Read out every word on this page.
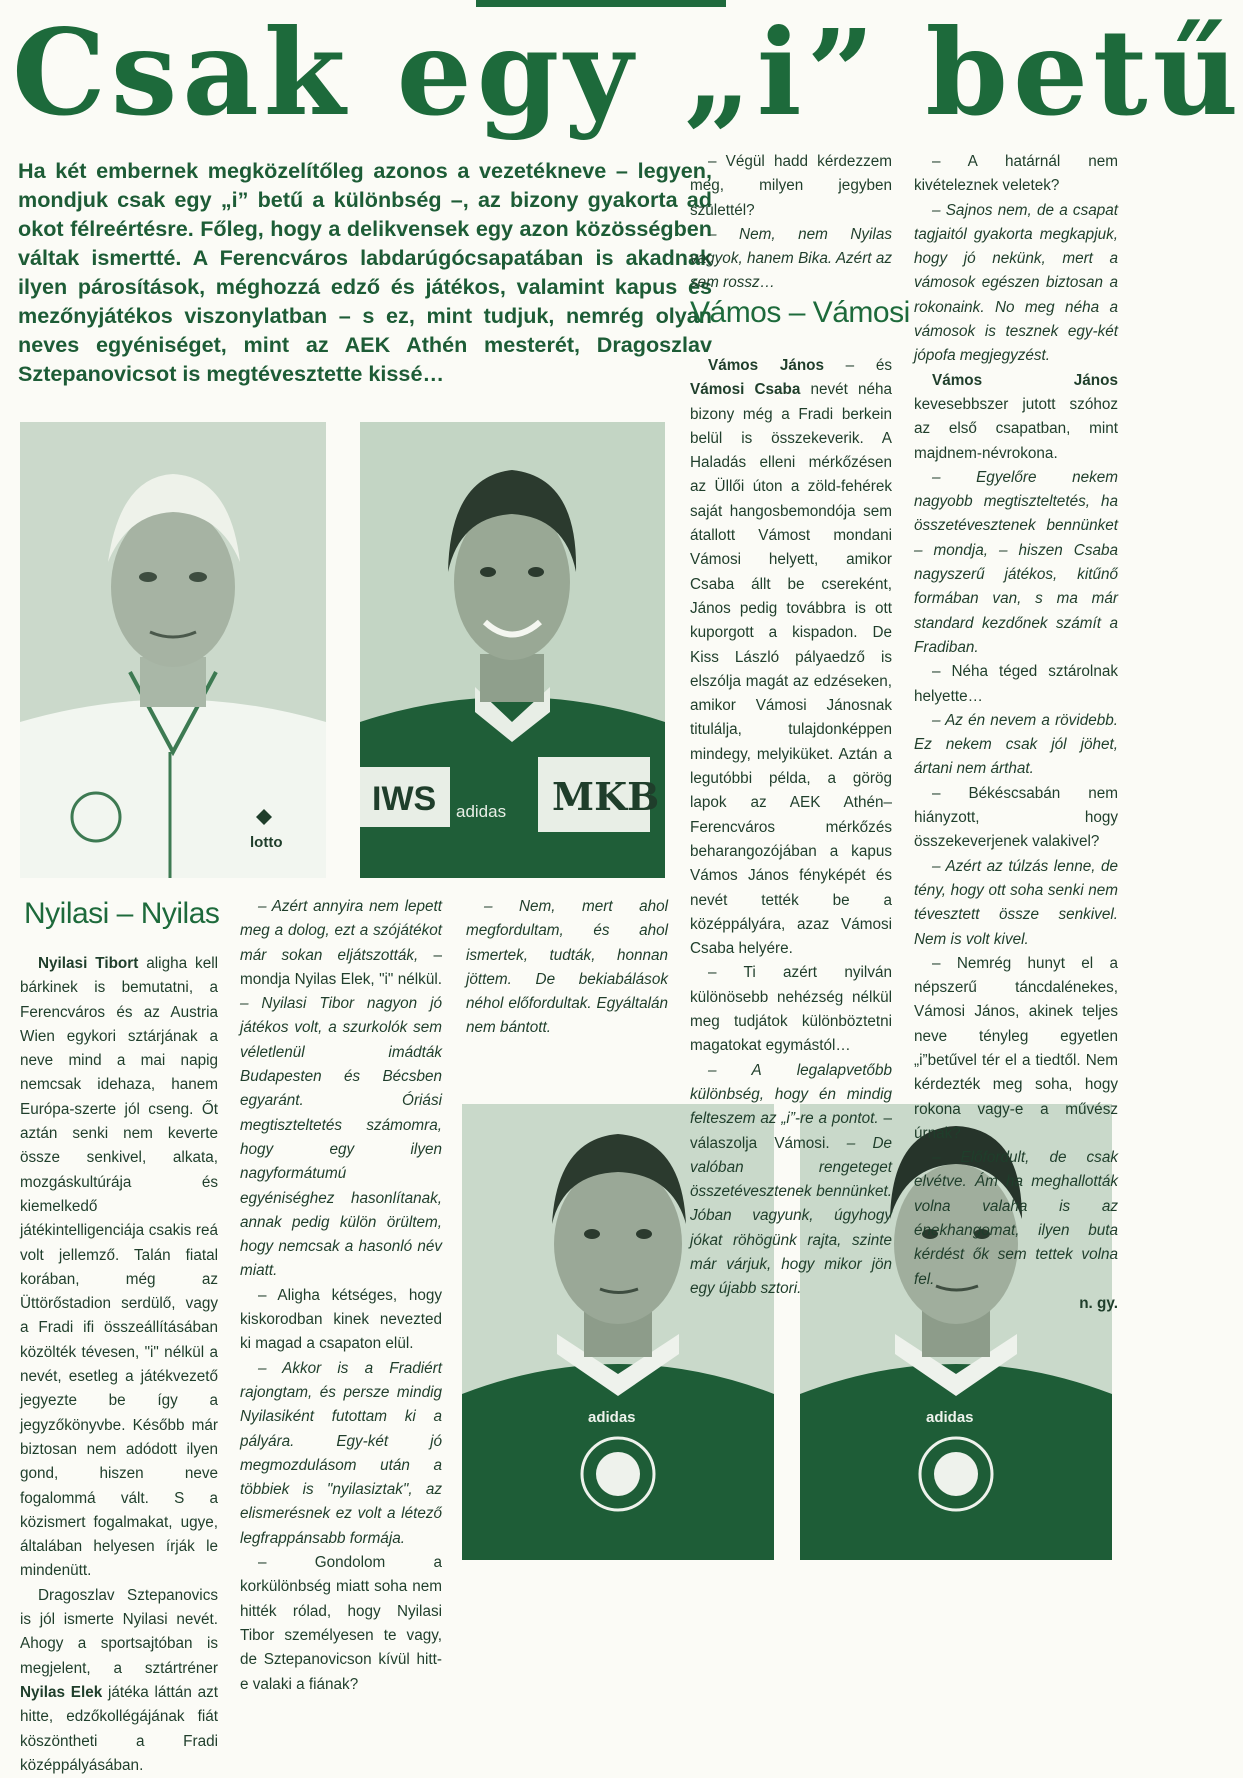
Csak egy „i” betű

Ha két embernek megközelítőleg azonos a vezetékneve – legyen, mondjuk csak egy „i” betű a különbség –, az bizony gyakorta ad okot félreértésre. Főleg, hogy a delikvensek egy azon közösségben váltak ismertté. A Ferencváros labdarúgócsapatában is akadnak ilyen párosítások, méghozzá edző és játékos, valamint kapus és mezőnyjátékos viszonylatban – s ez, mint tudjuk, nemrég olyan neves egyéniséget, mint az AEK Athén mesterét, Dragoszlav Sztepanovicsot is megtévesztette kissé…

lotto
IWS adidas MKB
adidas	adidas
Nyilasi – Nyilas

Nyilasi Tibort aligha kell bárkinek is bemutatni, a Ferencváros és az Austria Wien egykori sztárjának a neve mind a mai napig nemcsak idehaza, hanem Európa-szerte jól cseng. Őt aztán senki nem keverte össze senkivel, alkata, mozgáskultúrája és kiemelkedő játékintelligenciája csakis reá volt jellemző. Talán fiatal korában, még az Üttörőstadion serdülő, vagy a Fradi ifi összeállításában közölték tévesen, "i" nélkül a nevét, esetleg a játékvezető jegyezte be így a jegyzőkönyvbe. Később már biztosan nem adódott ilyen gond, hiszen neve fogalommá vált. S a közismert fogalmakat, ugye, általában helyesen írják le mindenütt.

Dragoszlav Sztepanovics is jól ismerte Nyilasi nevét. Ahogy a sportsajtóban is megjelent, a sztártréner Nyilas Elek játéka láttán azt hitte, edzőkollégájának fiát köszöntheti a Fradi középpályásában.

– Azért annyira nem lepett meg a dolog, ezt a szójátékot már sokan eljátszották, – mondja Nyilas Elek, "i" nélkül. – Nyilasi Tibor nagyon jó játékos volt, a szurkolók sem véletlenül imádták Budapesten és Bécsben egyaránt. Óriási megtiszteltetés számomra, hogy egy ilyen nagyformátumú egyéniséghez hasonlítanak, annak pedig külön örültem, hogy nemcsak a hasonló név miatt.

– Aligha kétséges, hogy kiskorodban kinek nevezted ki magad a csapaton elül.

– Akkor is a Fradiért rajongtam, és persze mindig Nyilasiként futottam ki a pályára. Egy-két jó megmozdulásom után a többiek is "nyilasiztak", az elismerésnek ez volt a létező legfrappánsabb formája.

– Gondolom a korkülönbség miatt soha nem hitték rólad, hogy Nyilasi Tibor személyesen te vagy, de Sztepanovicson kívül hitt-e valaki a fiának?

– Nem, mert ahol megfordultam, és ahol ismertek, tudták, honnan jöttem. De bekiabálások néhol előfordultak. Egyáltalán nem bántott.

– Végül hadd kérdezzem meg, milyen jegyben születtél?

– Nem, nem Nyilas vagyok, hanem Bika. Azért az sem rossz…

Vámos – Vámosi

Vámos János – és Vámosi Csaba nevét néha bizony még a Fradi berkein belül is összekeverik. A Haladás elleni mérkőzésen az Üllői úton a zöld-fehérek saját hangosbemondója sem átallott Vámost mondani Vámosi helyett, amikor Csaba állt be csereként, János pedig továbbra is ott kuporgott a kispadon. De Kiss László pályaedző is elszólja magát az edzéseken, amikor Vámosi Jánosnak titulálja, tulajdonképpen mindegy, melyiküket. Aztán a legutóbbi példa, a görög lapok az AEK Athén–Ferencváros mérkőzés beharangozójában a kapus Vámos János fényképét és nevét tették be a középpályára, azaz Vámosi Csaba helyére.

– Ti azért nyilván különösebb nehézség nélkül meg tudjátok különböztetni magatokat egymástól…

– A legalapvetőbb különbség, hogy én mindig felteszem az „i”-re a pontot. – válaszolja Vámosi. – De valóban rengeteget összetévesztenek bennünket. Jóban vagyunk, úgyhogy jókat röhögünk rajta, szinte már várjuk, hogy mikor jön egy újabb sztori.

– A határnál nem kivételeznek veletek?

– Sajnos nem, de a csapat tagjaitól gyakorta megkapjuk, hogy jó nekünk, mert a vámosok egészen biztosan a rokonaink. No meg néha a vámosok is tesznek egy-két jópofa megjegyzést.

Vámos János kevesebbszer jutott szóhoz az első csapatban, mint majdnem-névrokona.

– Egyelőre nekem nagyobb megtiszteltetés, ha összetévesztenek bennünket – mondja, – hiszen Csaba nagyszerű játékos, kitűnő formában van, s ma már standard kezdőnek számít a Fradiban.

– Néha téged sztárolnak helyette…

– Az én nevem a rövidebb. Ez nekem csak jól jöhet, ártani nem árthat.

– Békéscsabán nem hiányzott, hogy összekeverjenek valakivel?

– Azért az túlzás lenne, de tény, hogy ott soha senki nem tévesztett össze senkivel. Nem is volt kivel.

– Nemrég hunyt el a népszerű táncdalénekes, Vámosi János, akinek teljes neve tényleg egyetlen „i”betűvel tér el a tiedtől. Nem kérdezték meg soha, hogy rokona vagy-e a művész úrnak?

– Előfordult, de csak elvétve. Ám ha meghallották volna valaha is az énekhangomat, ilyen buta kérdést ők sem tettek volna fel.

n. gy.
